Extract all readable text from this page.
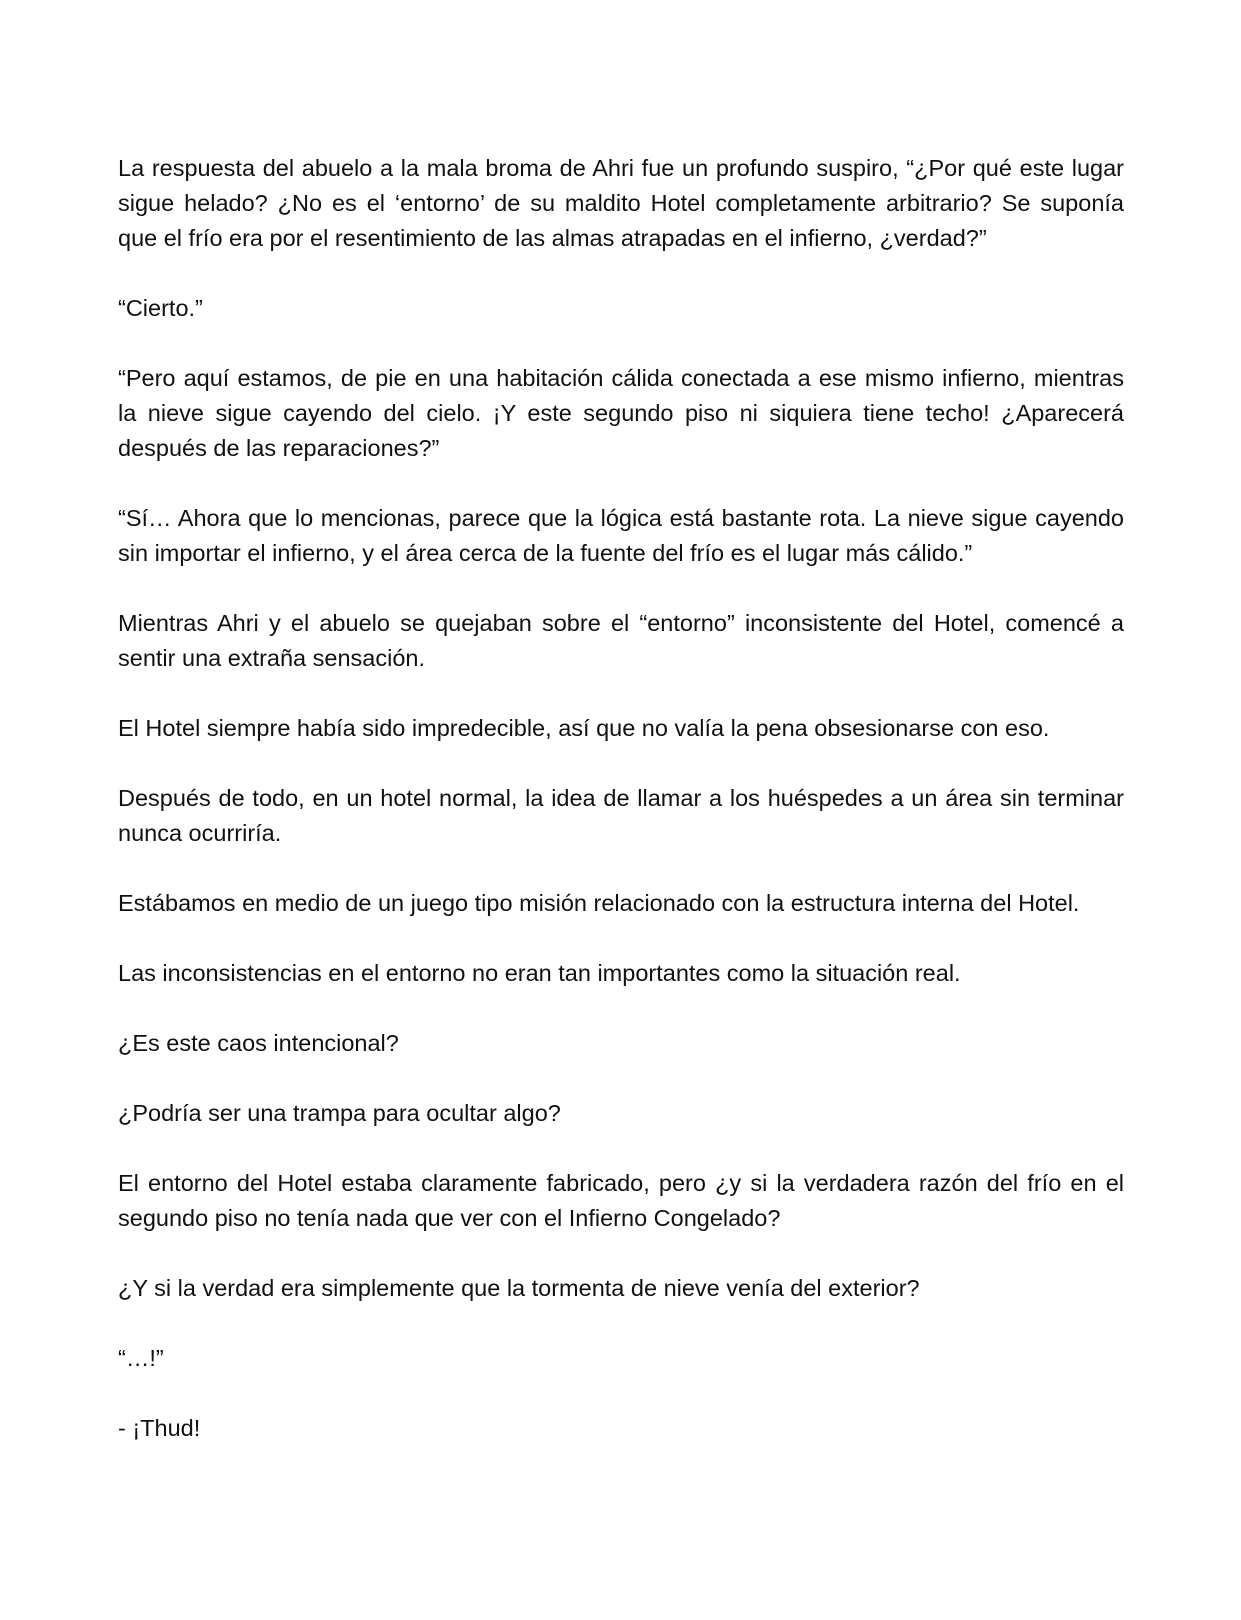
La respuesta del abuelo a la mala broma de Ahri fue un profundo suspiro, “¿Por qué este lugar sigue helado? ¿No es el ‘entorno’ de su maldito Hotel completamente arbitrario? Se suponía que el frío era por el resentimiento de las almas atrapadas en el infierno, ¿verdad?”

“Cierto.”

“Pero aquí estamos, de pie en una habitación cálida conectada a ese mismo infierno, mientras la nieve sigue cayendo del cielo. ¡Y este segundo piso ni siquiera tiene techo! ¿Aparecerá después de las reparaciones?”

“Sí… Ahora que lo mencionas, parece que la lógica está bastante rota. La nieve sigue cayendo sin importar el infierno, y el área cerca de la fuente del frío es el lugar más cálido.”

Mientras Ahri y el abuelo se quejaban sobre el “entorno” inconsistente del Hotel, comencé a sentir una extraña sensación.

El Hotel siempre había sido impredecible, así que no valía la pena obsesionarse con eso.

Después de todo, en un hotel normal, la idea de llamar a los huéspedes a un área sin terminar nunca ocurriría.

Estábamos en medio de un juego tipo misión relacionado con la estructura interna del Hotel.

Las inconsistencias en el entorno no eran tan importantes como la situación real.

¿Es este caos intencional?

¿Podría ser una trampa para ocultar algo?

El entorno del Hotel estaba claramente fabricado, pero ¿y si la verdadera razón del frío en el segundo piso no tenía nada que ver con el Infierno Congelado?

¿Y si la verdad era simplemente que la tormenta de nieve venía del exterior?

“…!”

- ¡Thud!
